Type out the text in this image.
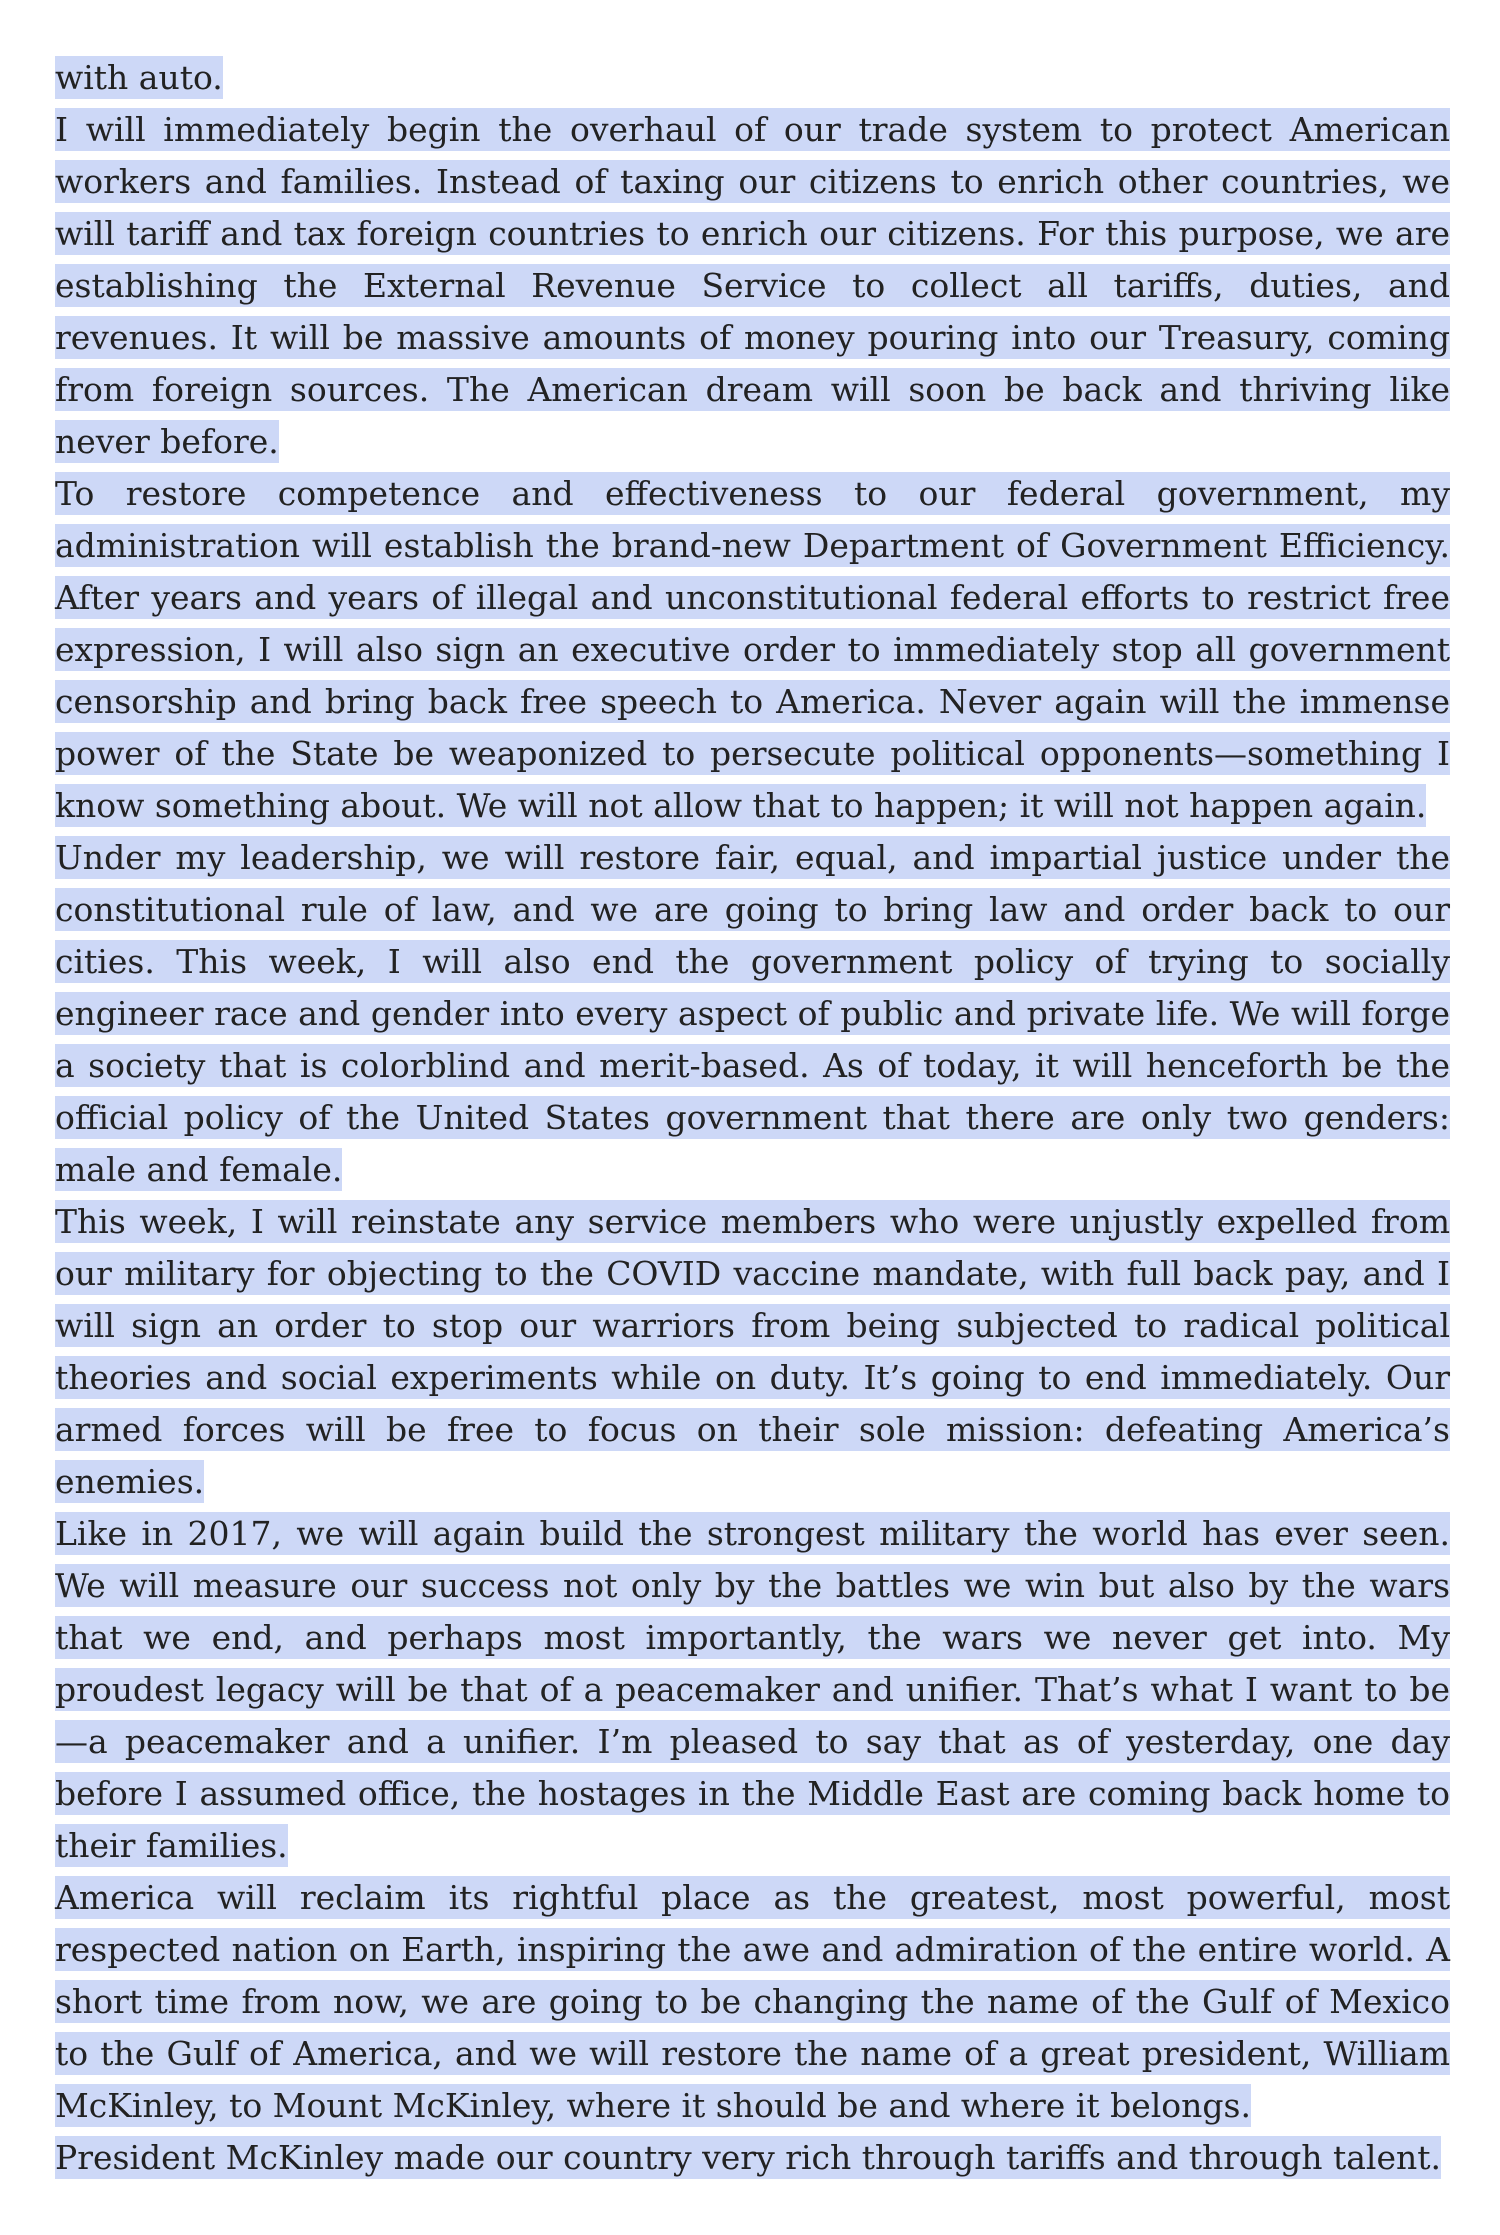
with auto.

I will immediately begin the overhaul of our trade system to protect American workers and families. Instead of taxing our citizens to enrich other countries, we will tariff and tax foreign countries to enrich our citizens. For this purpose, we are establishing the External Revenue Service to collect all tariffs, duties, and revenues. It will be massive amounts of money pouring into our Treasury, coming from foreign sources. The American dream will soon be back and thriving like never before.

To restore competence and effectiveness to our federal government, my administration will establish the brand-new Department of Government Efficiency. After years and years of illegal and unconstitutional federal efforts to restrict free expression, I will also sign an executive order to immediately stop all government censorship and bring back free speech to America. Never again will the immense power of the State be weaponized to persecute political opponents—something I know something about. We will not allow that to happen; it will not happen again.

Under my leadership, we will restore fair, equal, and impartial justice under the constitutional rule of law, and we are going to bring law and order back to our cities. This week, I will also end the government policy of trying to socially engineer race and gender into every aspect of public and private life. We will forge a society that is colorblind and merit-based. As of today, it will henceforth be the official policy of the United States government that there are only two genders: male and female.

This week, I will reinstate any service members who were unjustly expelled from our military for objecting to the COVID vaccine mandate, with full back pay, and I will sign an order to stop our warriors from being subjected to radical political theories and social experiments while on duty. It’s going to end immediately. Our armed forces will be free to focus on their sole mission: defeating America’s enemies.

Like in 2017, we will again build the strongest military the world has ever seen. We will measure our success not only by the battles we win but also by the wars that we end, and perhaps most importantly, the wars we never get into. My proudest legacy will be that of a peacemaker and unifier. That’s what I want to be—a peacemaker and a unifier. I’m pleased to say that as of yesterday, one day before I assumed office, the hostages in the Middle East are coming back home to their families.

America will reclaim its rightful place as the greatest, most powerful, most respected nation on Earth, inspiring the awe and admiration of the entire world. A short time from now, we are going to be changing the name of the Gulf of Mexico to the Gulf of America, and we will restore the name of a great president, William McKinley, to Mount McKinley, where it should be and where it belongs.

President McKinley made our country very rich through tariffs and through talent.
